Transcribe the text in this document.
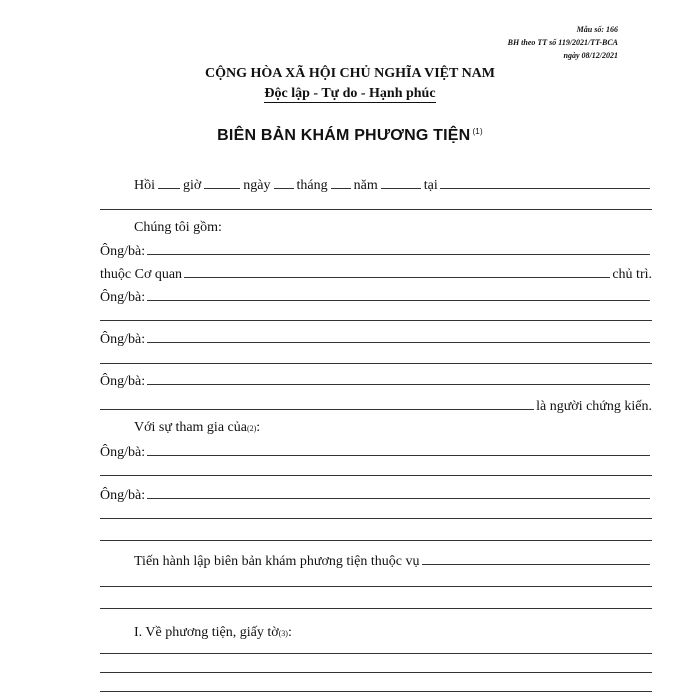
Mẫu số: 166
BH theo TT số 119/2021/TT-BCA
ngày 08/12/2021
CỘNG HÒA XÃ HỘI CHỦ NGHĨA VIỆT NAM
Độc lập - Tự do - Hạnh phúc
BIÊN BẢN KHÁM PHƯƠNG TIỆN $^{(1)}$
Hồi giờ	ngày tháng năm	tại
Chúng tôi gồm:
Ông/bà:
thuộc Cơ quan	chủ trì.
Ông/bà:
Ông/bà:
Ông/bà:
là người chứng kiến.
Với sự tham gia của (2) :
Ông/bà:
Ông/bà:
Tiến hành lập biên bản khám phương tiện thuộc vụ
I. Về phương tiện, giấy tờ (3) :
